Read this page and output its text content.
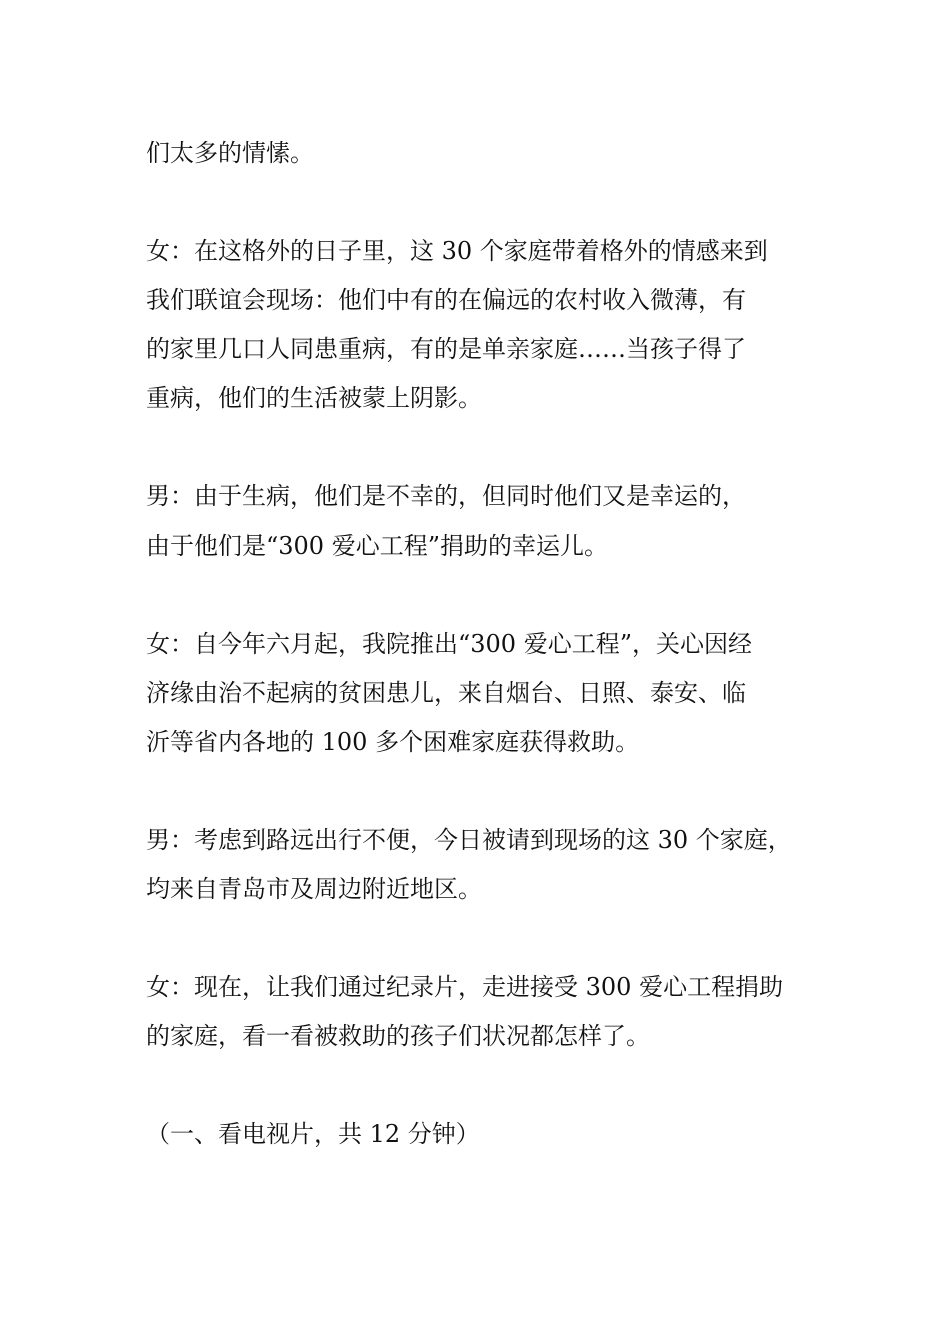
们太多的情愫。
女：在这格外的日子里，这 30 个家庭带着格外的情感来到
我们联谊会现场：他们中有的在偏远的农村收入微薄，有
的家里几口人同患重病，有的是单亲家庭……当孩子得了
重病，他们的生活被蒙上阴影。
男：由于生病，他们是不幸的，但同时他们又是幸运的，
由于他们是“300 爱心工程”捐助的幸运儿。
女：自今年六月起，我院推出“300 爱心工程”，关心因经
济缘由治不起病的贫困患儿，来自烟台、日照、泰安、临
沂等省内各地的 100 多个困难家庭获得救助。
男：考虑到路远出行不便，今日被请到现场的这 30 个家庭，
均来自青岛市及周边附近地区。
女：现在，让我们通过纪录片，走进接受 300 爱心工程捐助
的家庭，看一看被救助的孩子们状况都怎样了。
（一、看电视片，共 12 分钟）
